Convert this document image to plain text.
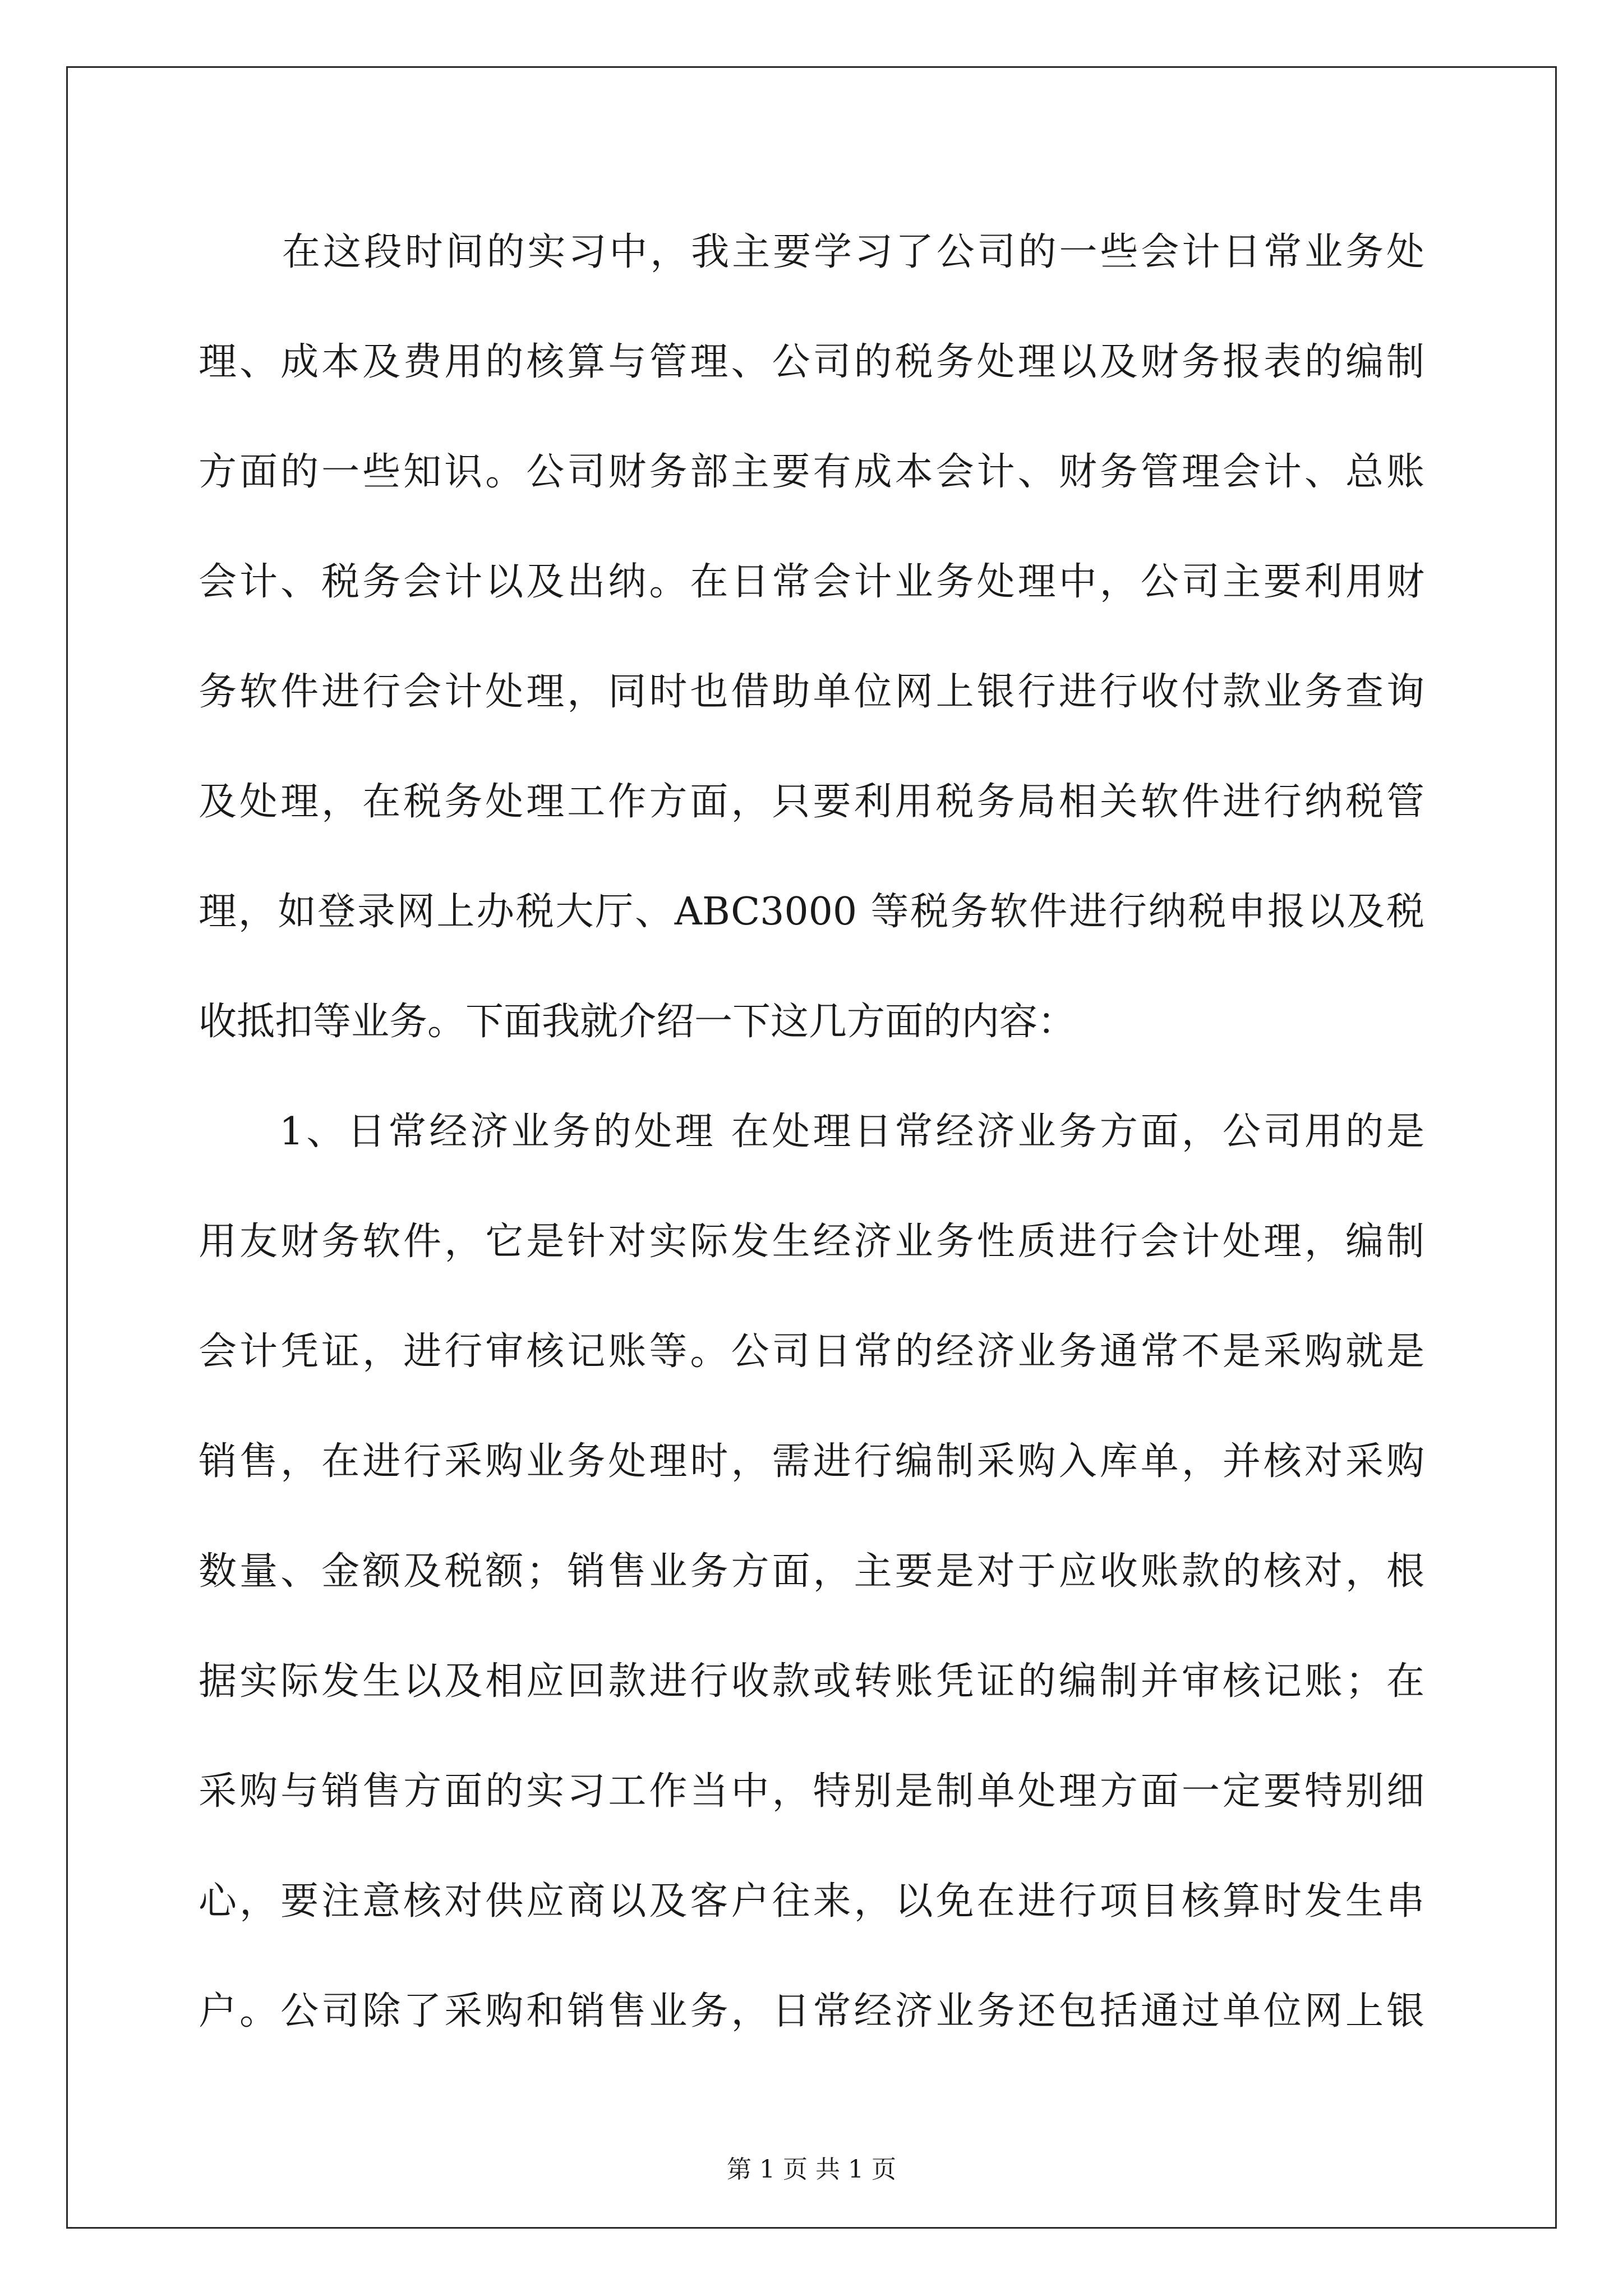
在这段时间的实习中，我主要学习了公司的一些会计日常业务处
理、成本及费用的核算与管理、公司的税务处理以及财务报表的编制
方面的一些知识。公司财务部主要有成本会计、财务管理会计、总账
会计、税务会计以及出纳。在日常会计业务处理中，公司主要利用财
务软件进行会计处理，同时也借助单位网上银行进行收付款业务查询
及处理，在税务处理工作方面，只要利用税务局相关软件进行纳税管
理，如登录网上办税大厅、ABC3000 等税务软件进行纳税申报以及税
收抵扣等业务。下面我就介绍一下这几方面的内容：
1、日常经济业务的处理 在处理日常经济业务方面，公司用的是
用友财务软件，它是针对实际发生经济业务性质进行会计处理，编制
会计凭证，进行审核记账等。公司日常的经济业务通常不是采购就是
销售，在进行采购业务处理时，需进行编制采购入库单，并核对采购
数量、金额及税额；销售业务方面，主要是对于应收账款的核对，根
据实际发生以及相应回款进行收款或转账凭证的编制并审核记账；在
采购与销售方面的实习工作当中，特别是制单处理方面一定要特别细
心，要注意核对供应商以及客户往来，以免在进行项目核算时发生串
户。公司除了采购和销售业务，日常经济业务还包括通过单位网上银
第 1 页 共 1 页
